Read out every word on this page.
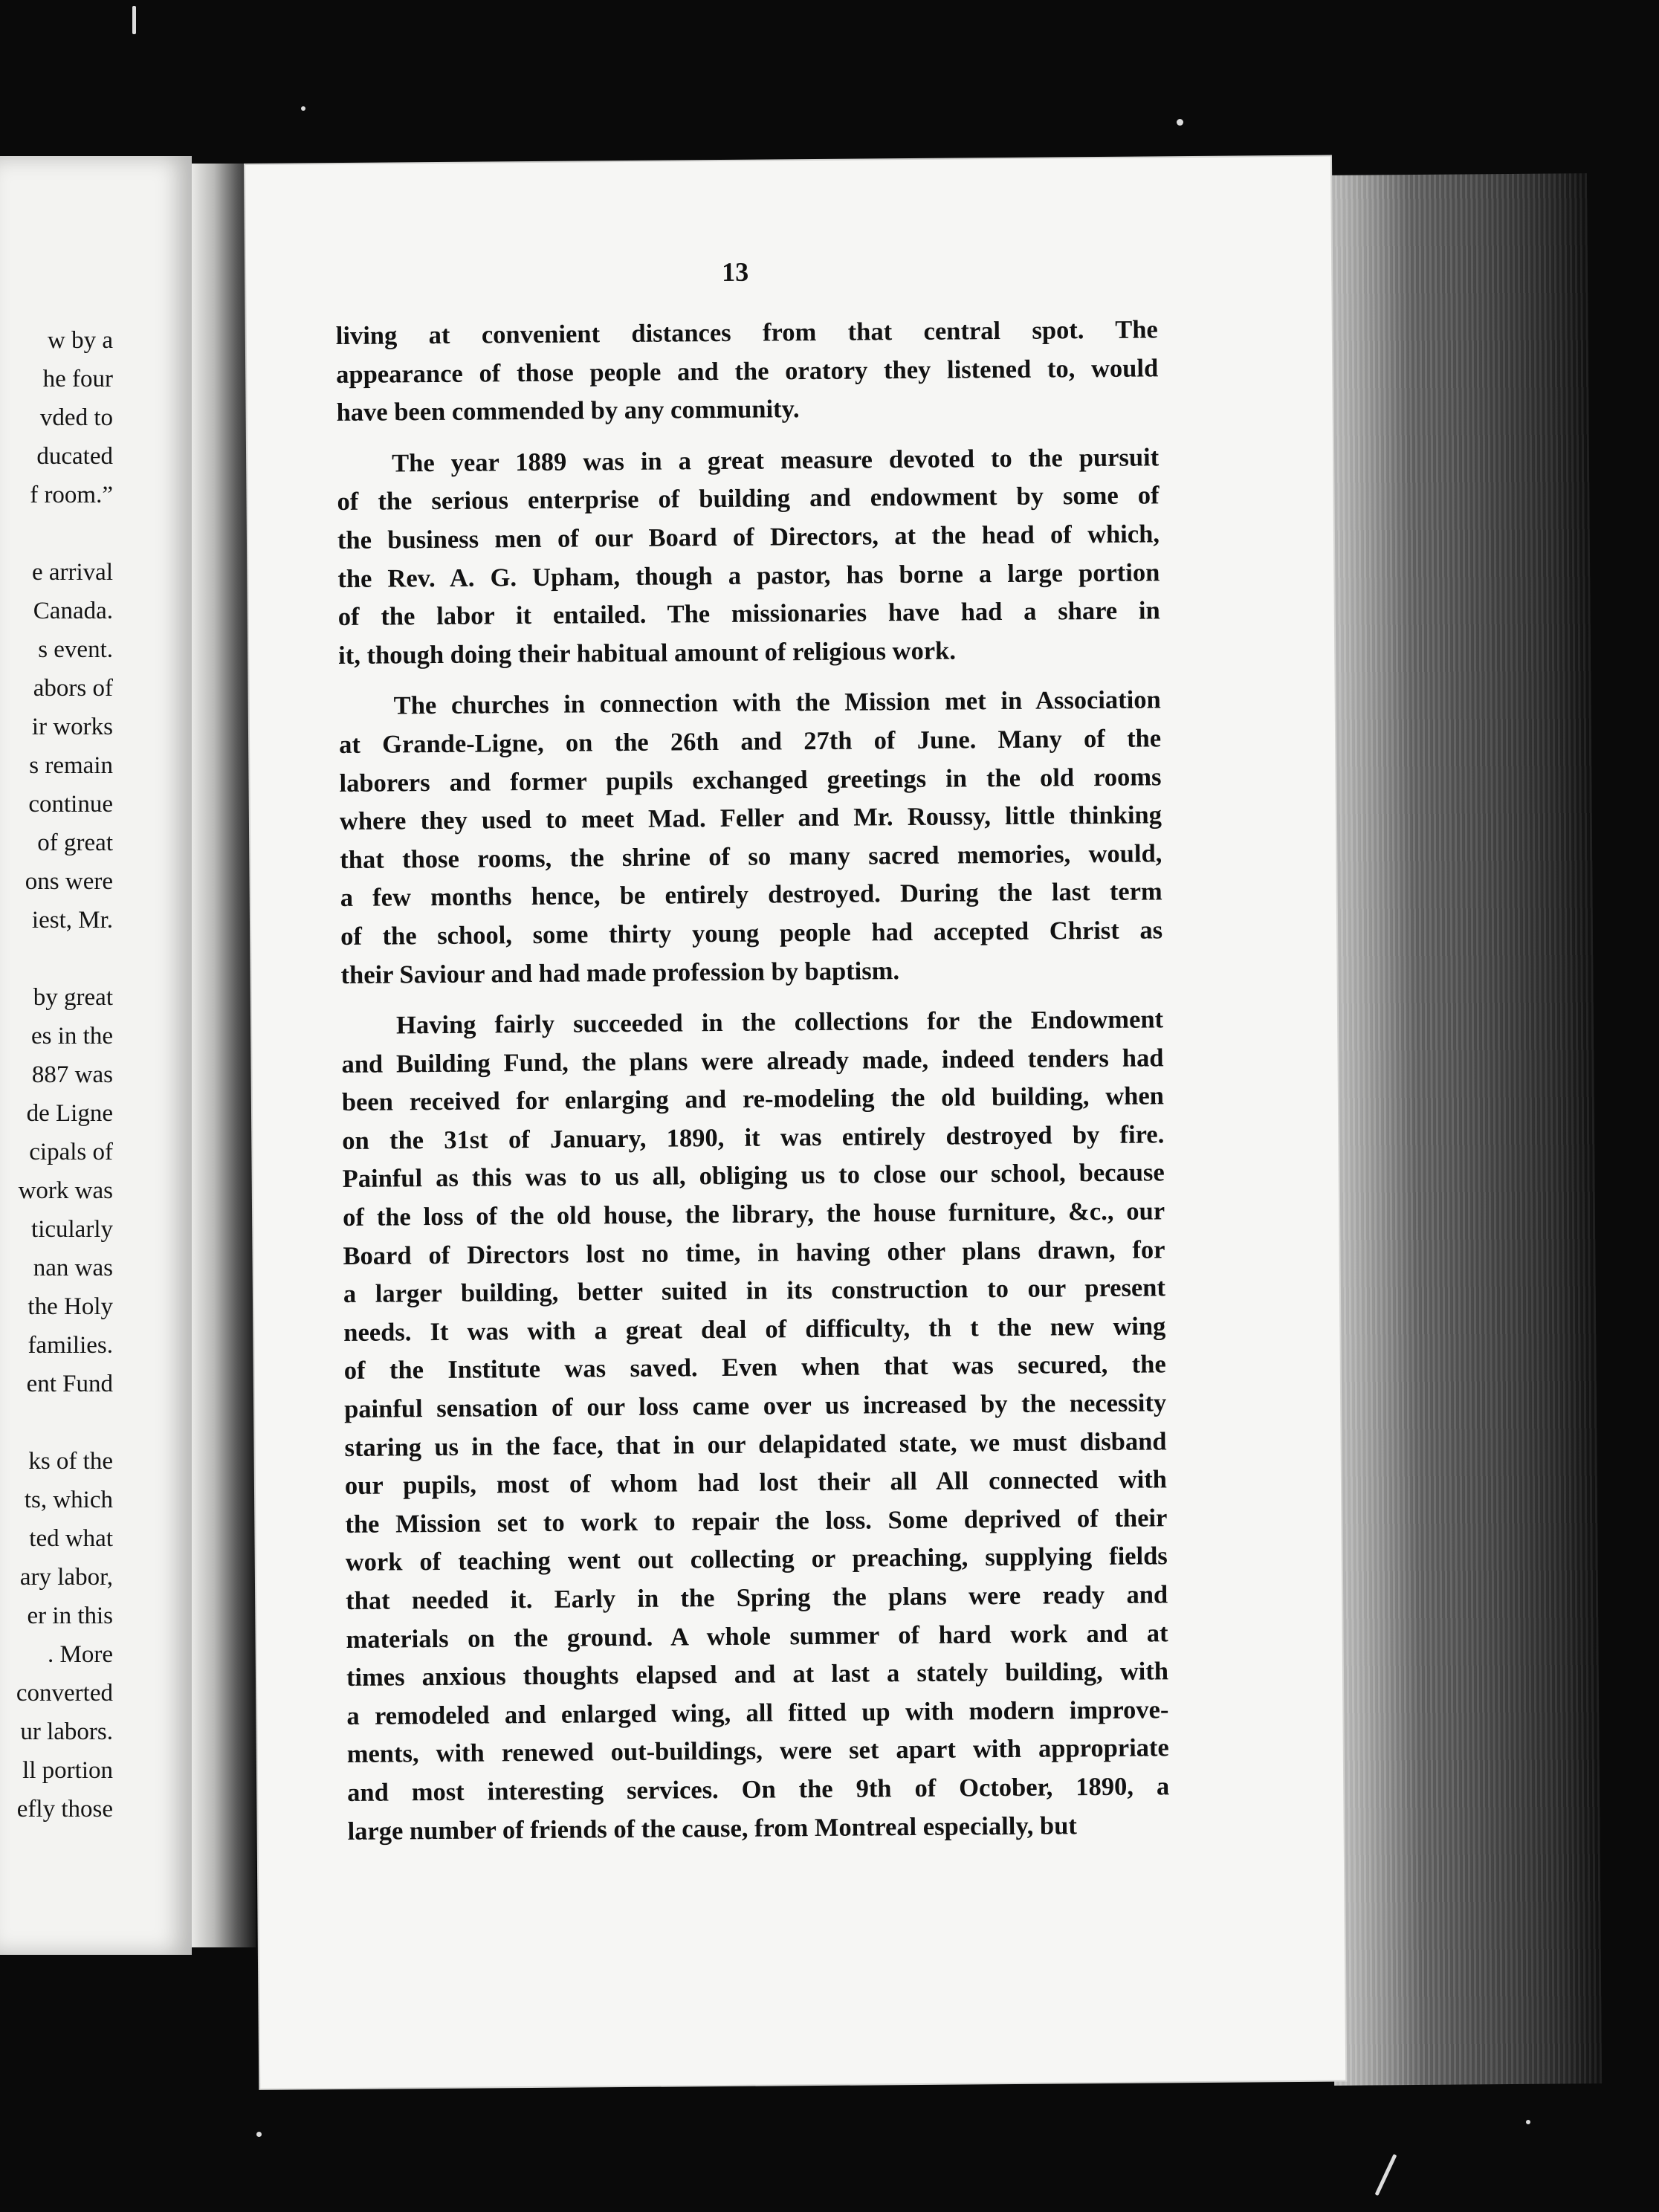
w by a
he four
vded to
ducated
f room.”
e arrival
Canada.
s event.
abors of
ir works
s remain
continue
of great
ons were
iest, Mr.
by great
es in the
887 was
de Ligne
cipals of
work was
ticularly
nan was
the Holy
families.
ent Fund
ks of the
ts, which
ted what
ary labor,
er in this
. More
converted
ur labors.
ll portion
efly those
13
living at convenient distances from that central spot. The
appearance of those people and the oratory they listened to, would
have been commended by any community.
The year 1889 was in a great measure devoted to the pursuit
of the serious enterprise of building and endowment by some of
the business men of our Board of Directors, at the head of which,
the Rev. A. G. Upham, though a pastor, has borne a large portion
of the labor it entailed. The missionaries have had a share in
it, though doing their habitual amount of religious work.
The churches in connection with the Mission met in Association
at Grande-Ligne, on the 26th and 27th of June. Many of the
laborers and former pupils exchanged greetings in the old rooms
where they used to meet Mad. Feller and Mr. Roussy, little thinking
that those rooms, the shrine of so many sacred memories, would,
a few months hence, be entirely destroyed. During the last term
of the school, some thirty young people had accepted Christ as
their Saviour and had made profession by baptism.
Having fairly succeeded in the collections for the Endowment
and Building Fund, the plans were already made, indeed tenders had
been received for enlarging and re-modeling the old building, when
on the 31st of January, 1890, it was entirely destroyed by fire.
Painful as this was to us all, obliging us to close our school, because
of the loss of the old house, the library, the house furniture, &c., our
Board of Directors lost no time, in having other plans drawn, for
a larger building, better suited in its construction to our present
needs. It was with a great deal of difficulty, th t the new wing
of the Institute was saved. Even when that was secured, the
painful sensation of our loss came over us increased by the necessity
staring us in the face, that in our delapidated state, we must disband
our pupils, most of whom had lost their all All connected with
the Mission set to work to repair the loss. Some deprived of their
work of teaching went out collecting or preaching, supplying fields
that needed it. Early in the Spring the plans were ready and
materials on the ground. A whole summer of hard work and at
times anxious thoughts elapsed and at last a stately building, with
a remodeled and enlarged wing, all fitted up with modern improve-
ments, with renewed out-buildings, were set apart with appropriate
and most interesting services. On the 9th of October, 1890, a
large number of friends of the cause, from Montreal especially, but
